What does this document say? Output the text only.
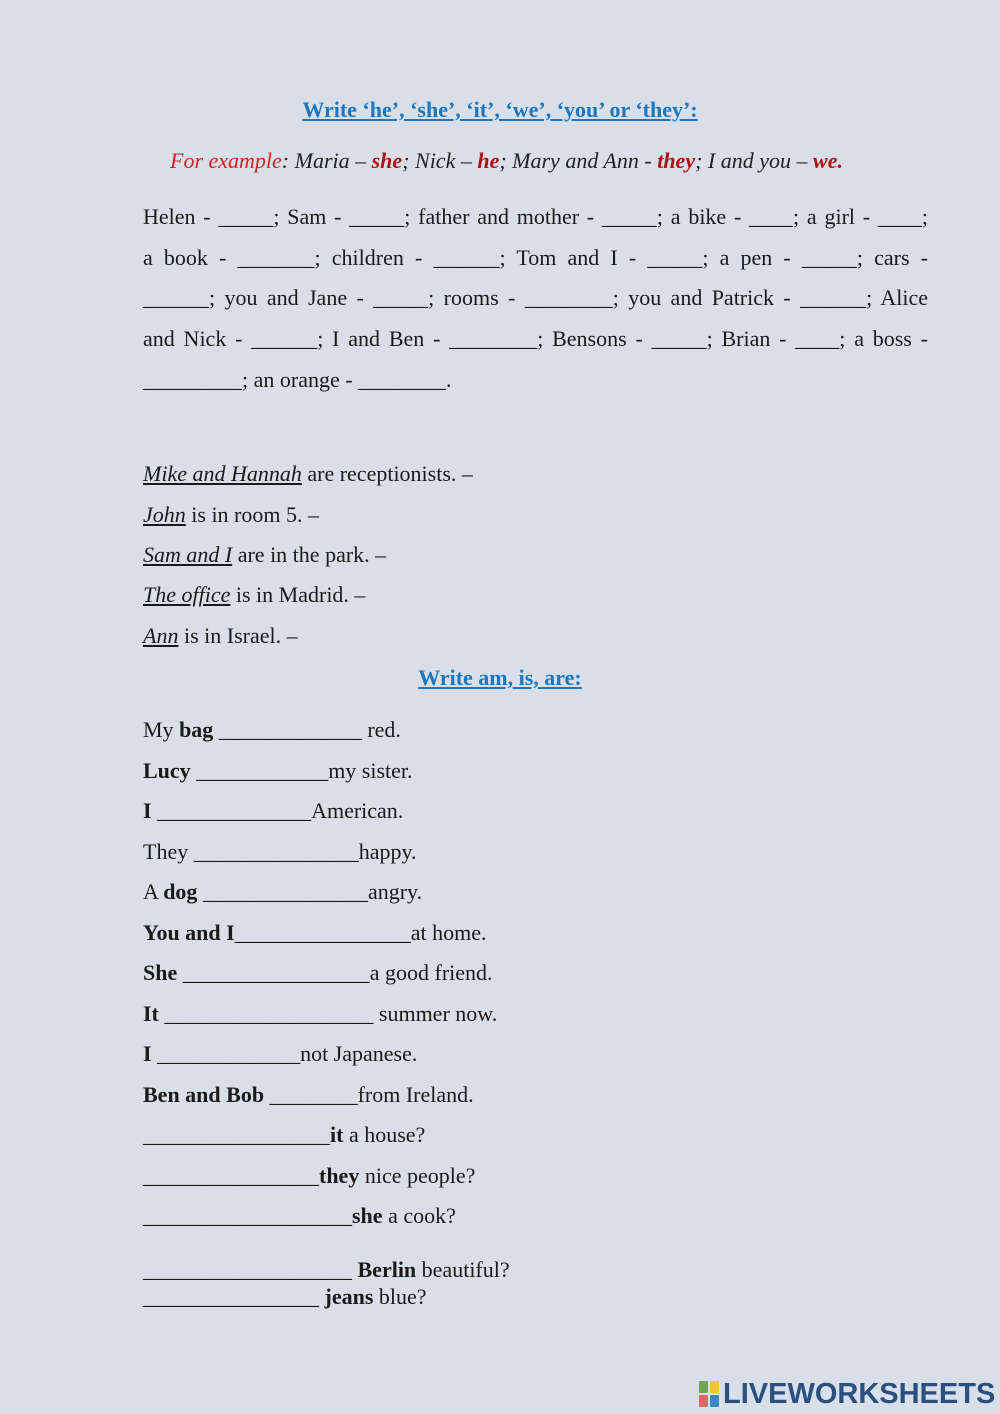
Write ‘he’, ‘she’, ‘it’, ‘we’, ‘you’ or ‘they’:
For example: Maria – she; Nick – he; Mary and Ann - they; I and you – we.
Helen - _____; Sam - _____; father and mother - _____; a bike - ____; a girl - ____;
a book - _______; children - ______; Tom and I - _____; a pen - _____; cars -
______; you and Jane - _____; rooms - ________; you and Patrick - ______; Alice
and Nick - ______; I and Ben - ________; Bensons - _____; Brian - ____; a boss -
_________; an orange - ________.
Mike and Hannah are receptionists. –
John is in room 5. –
Sam and I are in the park. –
The office is in Madrid. –
Ann is in Israel. –
Write am, is, are:
My bag _____________ red.
Lucy ____________my sister.
I ______________American.
They _______________happy.
A dog _______________angry.
You and I________________at home.
She _________________a good friend.
It ___________________ summer now.
I _____________not Japanese.
Ben and Bob ________from Ireland.
_________________it a house?
________________they nice people?
___________________she a cook?
___________________ Berlin beautiful?
________________ jeans blue?
LIVEWORKSHEETS
